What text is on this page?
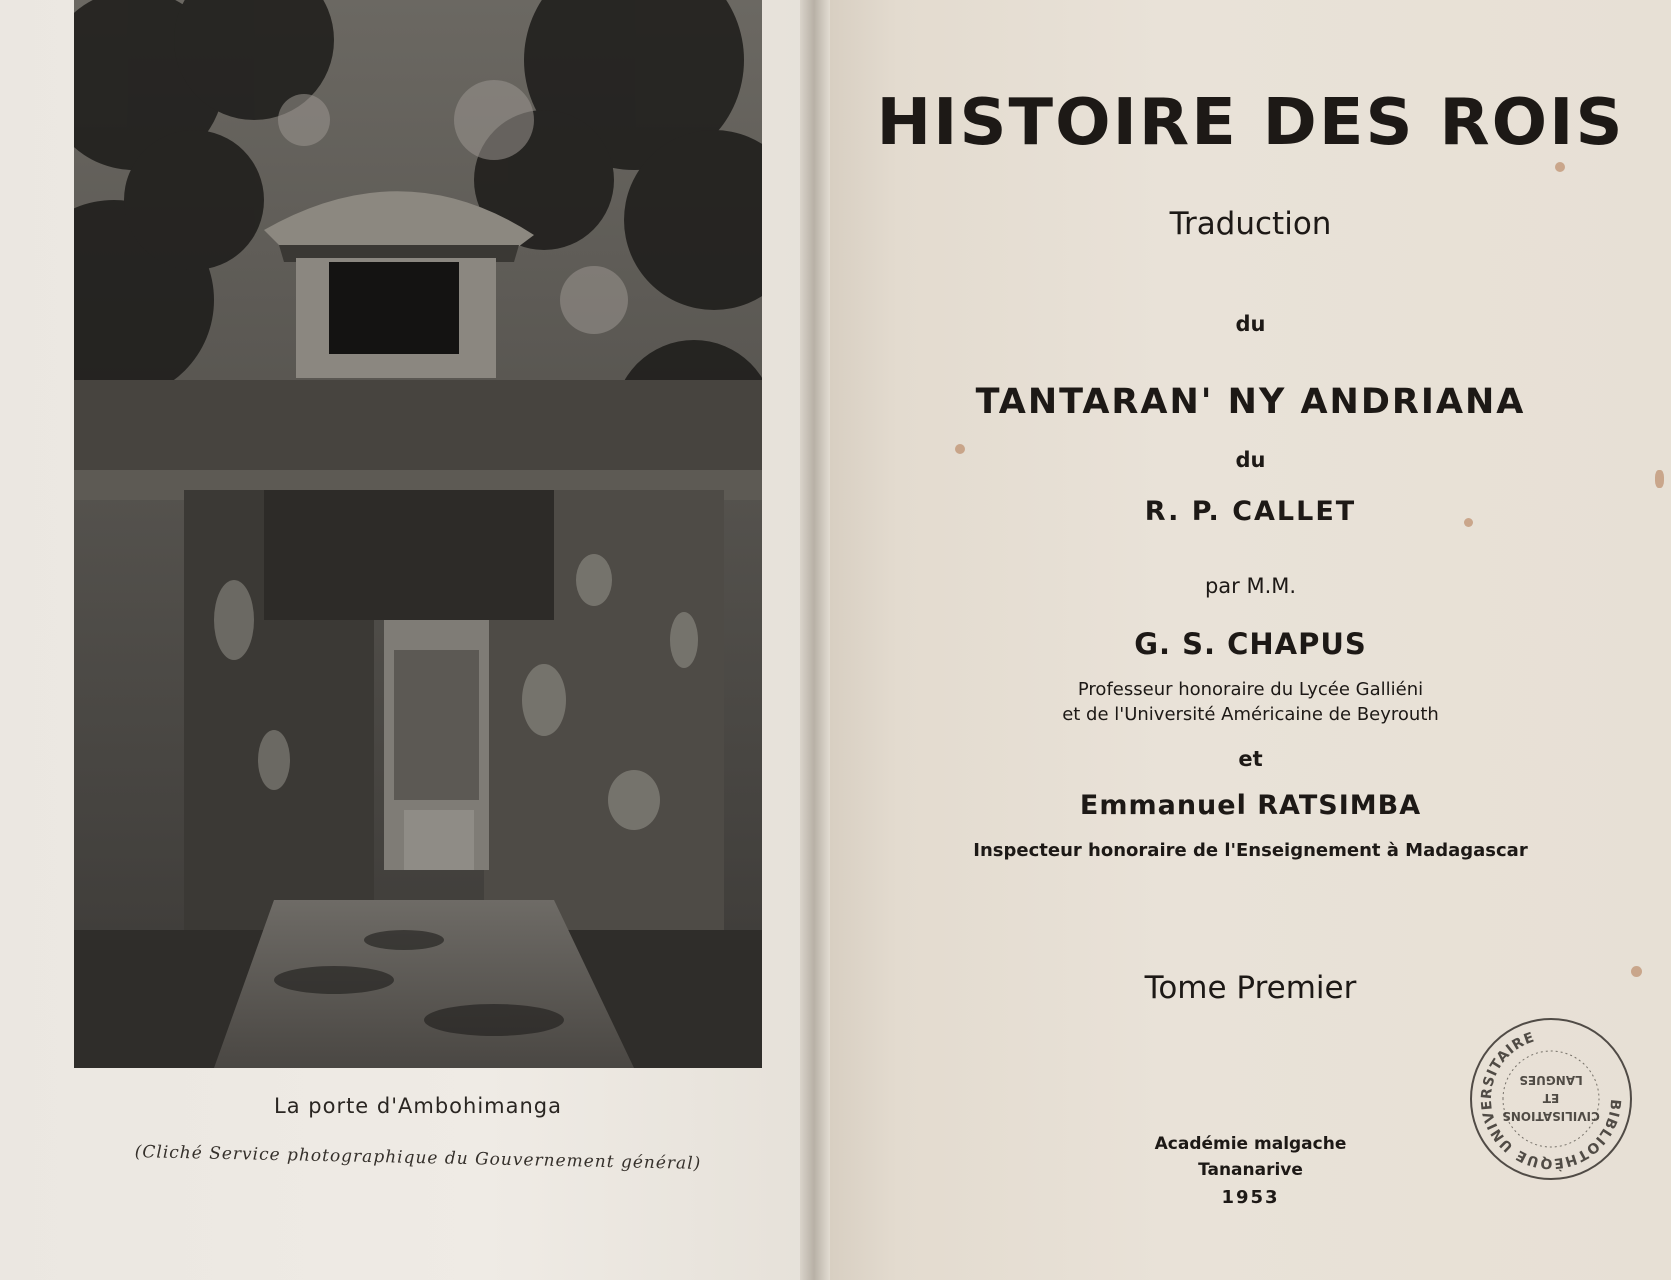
La porte d'Ambohimanga
(Cliché Service photographique du Gouvernement général)
HISTOIRE DES ROIS
Traduction
du
TANTARAN' NY ANDRIANA
du
R. P. CALLET
par M.M.
G. S. CHAPUS
Professeur honoraire du Lycée Galliéni
et de l'Université Américaine de Beyrouth
et
Emmanuel RATSIMBA
Inspecteur honoraire de l'Enseignement à Madagascar
Tome Premier
Académie malgache
Tananarive
1953
BIBLIOTHÈQUE UNIVERSITAIRE
CIVILISATIONS
ET
LANGUES
